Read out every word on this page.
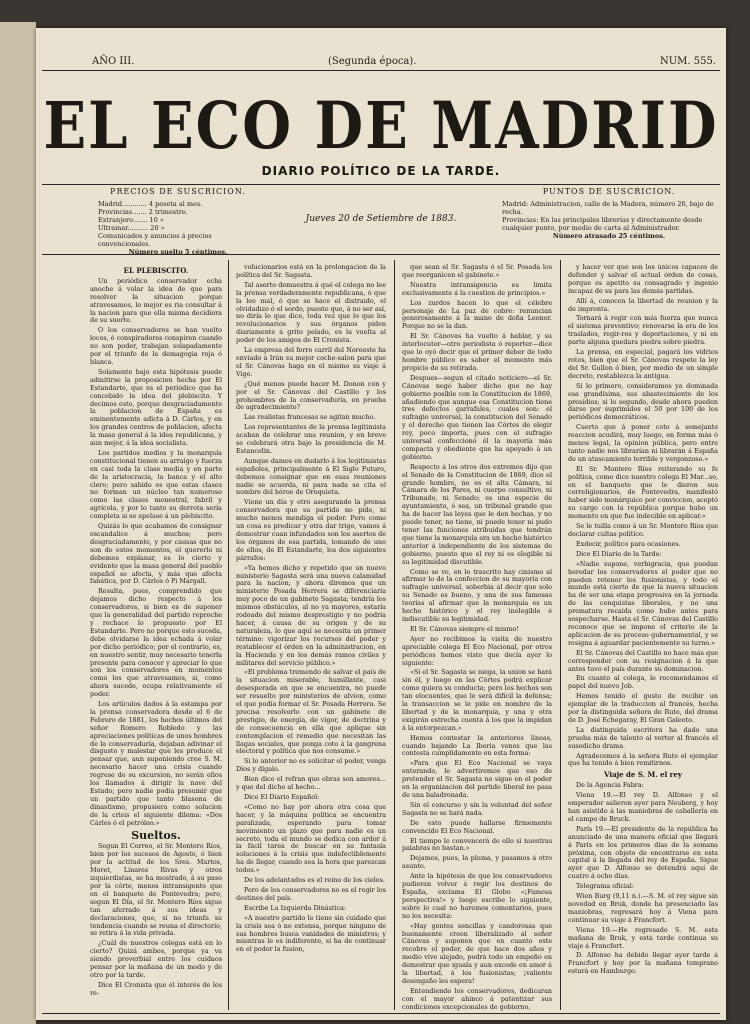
AÑO III.	(Segunda época).	NUM. 555.
EL ECO DE MADRID
DIARIO POLÍTICO DE LA TARDE.
PRECIOS DE SUSCRICION.
Madrid............ 4 peseta al mes.
Provincias....... 2 trimestre.
Extranjero....... 10 »
Ultramar.......... 20 »
Comunicados y anuncios á precios convencionales.
Número suelto 5 céntimos.
Jueves 20 de Setiembre de 1883.
PUNTOS DE SUSCRICION.
Madrid: Administracion, calle de la Madera, número 26, bajo de recha.
Provincias: En las principales librerías y directamente desde cualquier punto, por medio de carta al Administrador.
Número atrasado 25 céntimos.

EL PLEBISCITO.

Un periódico conservador echa anoche á volar la idea de que para resolver la situacion porque atravesamos, lo mejor es ria consultar á la nacion para que ella misma decidiera de su suerte.

O los conservadores se han vuelto locos, ó conspiradores conspiren cuando no son poder, trabajan solapadamente por el triunfo de la demagogia roja ó blanca.

Solamente bajo esta hipótesis puede admitirse la proposicion hecha por El Estandarte, que es el periódico que ha concebido la idea del plebiscito. Y decimos esto, porque desgraciadamente la poblacion de España es eminentemente adicta á D. Cárlos, y en los grandes centros de poblacion, afecta la masa general á la idea republicana, y aun mejor, á la idea socialista.

Los partidos medios y la monarquía constitucional tienen su arraigo y fuerza en casi toda la clase media y en parte de la aristocracia, la banca y el alto clero; pero sabido es que estas clases no forman un núcleo tan numeroso como las clases menestral, fabril y agrícola, y por lo tanto su derrota sería completa si se apelase á un plebiscito.

Quizás lo que acabamos de consignar escandalice á muchos; pero desgraciadamente, y por causas que no son de estos momentos, el quererlo ni debemos explanar, es lo cierto y evidente que la masa general del pueblo español se afecta, y más que afecta fanática, por D. Cárlos ó Pi Margall.

Resulta, pues, comprendido que dejamos dicho respecto á los conservadores, si bien es de suponer que la generalidad del partido reproche y rechace lo propuesto por El Estandarte. Pero no porque esto suceda, debe olvidarse la idea echada á volar por dicho periódico; por el contrario, es, en nuestro sentir, muy necesario tenerla presente para conocer y apreciar lo que son los conservadores en momentos como los que atravesamos, si, como ahora sucede, ocupa relativamente el poder.

Los artículos dados á la estampa por la prensa conservadora desde el 6 de Febrero de 1881, los hechos últimos del señor Romero Robledo y las apreciaciones políticas de unos hombres de la conservaduría, dejaban adivinar el disgusto y malestar que les produce el pensar que, aun suponiendo cree S. M. necesario hacer una crisis cuando regrese de su excursion, no serán ellos los llamados á dirigir la nave del Estado; pero nadie podía presumir que un partido que tanto blasona de dinastismo, propusiera como solucion de la crisis el siguiente dilema: «Dos Cárlos ó el petróleo.»

Sueltos.

Segun El Correo, el Sr. Montero Ríos, bien por los sucesos de Agosto, ó bien por la actitud de los Sres. Martos, Moret, Linares Rivas y otros izquierdistas, se ha mostrado, á su paso por la córte, menos intransigente que en el banquete de Pontevedra; pero, segun El Día, el Sr. Montero Ríos sigue tan aferrado á sus ideas y declaraciones, que, si no triunfa su tendencia cuando se reuna el directorio, se retira á la vida privada.

¿Cuál de nuestros colegas está en lo cierto? Quizá ambos, porque ya va siendo proverbial entre los cuidaos pensar por la mañana de un modo y de otro por la tarde.

Dice El Cronista que el interés de los re-

volucionarios está en la prolongacion de la política del Sr. Sagasta.

Tal aserto demuestra á qué el colega no lee la prensa verdaderamente republicana, ó que la lee mal, ó que se hace el distraido, el olvidadizo ó el sordo, puesto que, á no ser así, no diría lo que dice, toda vez que lo que los revolucionarios y sus órganos piden diariamente á grito pelado, es la vuelta al poder de los amigos de El Cronista.

La empresa del ferro carril del Noroeste ha enviado á Irún su mejor coche-salon para que el Sr. Cánovas haga en el mismo su viaje á Vigo.

¿Qué menos puede hacer M. Donon con y por el Sr. Cánovas del Castillo y los prohombres de la conservaduría, en prueba de agradecimiento?

Las realistas francesas se agitan mucho.

Los representantes de la prensa legitimista acaban de celebrar una reunion, y en breve se celebrará otra bajo la presidencia de M. Estancelin.

Aunque damos en dudarlo á los legitimistas españoles, principalmente á El Siglo Futuro, debemos consignar que en esas reuniones nadie se acuerda, ni para nada se cita el nombre del héroe de Oroquieta.

Viene un día y otro asegurando la prensa conservadora que su partido no pide, ni mucho menos mendiga el poder. Pero como un cosa es predicar y otra dar trigo, vamos á demostrar cuan infundados son los asertos de los órganos de esa partida, tomando de uno de ellos, de El Estandarte, los dos siguientes párrafos:

«Ya hemos dicho y repetido que un nuevo ministerio Sagasta será una nueva calamidad para la nacion; y ahora diremos que un ministerio Posada Herrera se diferenciaría muy poco de un gabinete Sagasta; tendría los mismos obstáculos, al no ya mayores, estaría rodeado del mismo desprestigio y no podría hacer, á causa de su origen y de su naturaleza, lo que aquí se necesita un primer término: vigorizar los recursos del poder y restablecer el órden en la administracion, en la Hacienda y en los demás ramos civiles y militares del servicio público.»

«El problema tremendo de salvar el país de la situacion miserable, humillante, casi desesperada en que se encuentra, no puede ser resuelto por ministerios de alvion, como el que podía formar el Sr. Posada Herrera. Se precisa resolverlo con un gabinete de prestigio, de energía, de vigor, de doctrina y de consecuencia en ella que aplique sin contemplacion el remedio que necesitan las llagas sociales, que ponga coto á la gangrena electoral y política que nos consume.»

Si lo anterior no es solicitar el poder, venga Dios y dígalo.

Bien dice el refran que obras son amores... y que del dicho al hecho...

Dice El Diario Español:

«Como no hay por ahora otra cosa que hacer, y la máquina política se encuentra paralizada, esperando para tomar movimiento un plazo que para nadie es un secreto, toda el mundo se dedica con ardor á la fácil tarea de buscar en su fantasía soluciones á la crisis que indefectiblemente ha de llegar, cuando sea la hora que parezcan todos.»

De los adelantados es el reino de los cielos.

Pero de los conservadores no es el regir los destinos del país.

Escribe La Izquierda Dinástica:

«A nuestro partido le tiene sin cuidado que la crisis sea ó no extensa, porque ninguno de sus hombres busca vanidades de ministros; y mientras le es indiferente, si ha de continuar en el poder la fusion,

que sean el Sr. Sagasta ó el Sr. Posada los que reorganicen el gabinete.»

Nuestra intransigencia es limita exclusivamente á la cuestion de principios.»

Los zurdos hacen lo que el célebre personaje de La paz de cobre: renuncian generosamente á la mano de doña Leonor. Porque no se la dan.

El Sr. Cánovas ha vuelto á hablar, y su interlocutor—otro periodista ó reporter—dice que lo oyó decir que el primer deber de todo hombre público es saber el momento más propicio de su retirada.

Despues—segun el citado noticiero—el Sr. Cánovas negó haber dicho que no hay gobierno posible con la Constitucion de 1869, añadiendo que aunque esa Constitucion tiene tres defectos garrafales, cuales son: el sufragio universal, la constitucion del Senado y el derecho que tienen las Córtes de elegir rey, poco importa, pues con el sufragio universal confeccionó él la mayoría más compacta y obediente que ha apoyado á un gobierno.

Respecto á los otros dos extremos dijo que el Senado de la Constitucion de 1869, dice el grande hombre, no es el alta Cámara, ni Cámara de los Pares, ni cuerpo consultivo, ni Tribunado, ni Senado; es una especie de ayuntamiento, ó sea, un tribunal grande que ha de hacer las leyes que le den hechas, y no puede tener, no tiene, ni puede tener ni pudo tener las funciones atribuidas que tendrán que tiene la monarquía era un hecho histórico anterior á independiente de los sistemas de gobierno, puesto que el rey ni es elegible ni su legitimidad discutible.

Como se ve, en lo trascrito hay cinismo al afirmar lo de la confeccion de su mayoría con sufragio universal, soberbia al decir que solo su Senado es bueno, y una de sus famosas teorías al afirmar que la monarquía es un hecho histórico y el rey inelegible é indiscutible su legitimidad.

El Sr. Cánovas siempre el mismo!

Ayer no recibimos la visita de nuestro apreciable colega El Eco Nacional, por otros periódicos hemos visto que decía ayer lo siguiente:

«Si el Sr. Sagasta se niega, la union se hará sin él, y luego en las Córtes podrá explicar como quiera su conducta; pero los hechos son tan elocuentes, que le será difícil la defensa; la transaccion se le pide en nombre de la libertad y de la monarquía, y una y otra exigirán estrecha cuenta á los que la impidan á la entorpezcan.»

Hemos contestar la anteriores líneas, cuando bajando La Iberia venos que las contesta cumplidamente en esta forma:

«Para que El Eco Nacional se vaya enterando, le advertiremos que eso de pretender el Sr. Sagasta no sigue en el poder en la organizacion del partido liberal no pasa de una baladronada.

Sin el concurso y sin la voluntad del señor Sagasta no se hará nada.

De esto puede hallarse firmemente convencido El Eco Nacional.

El tiempo le convencerá de ello si nuestras palabras no bastan.»

Dejamos, pues, la pluma, y pasamos á otro asunto.

Ante la hipótesis de que los conservadores pudieran volver á regir los destinos de España, exclama El Globo «¡Famosa perspectiva!» y luego escribe lo siguiente, sobre lo cual no haremos comentarios, pues no los necesita:

«Hay gentes sencillas y candorosas que buenamente creen liberalizado al señor Cánovas y suponen que en cuanto este recobre el poder, de que hace dos años y medio vive alejado, podrá todo un empeño en demostrar que iguala y aun excede en amor á la libertad, á los fusionistas; ¡valiente desengaño les espera!

Entendiendo los conservadores, dedicaran con el mayor ahinco á patentizar sus condiciones excepcionales de gobierno,

y hacer ver que son los únicos capaces de defender y salvar el actual órden de cosas, porque es apetito su consagrado y ingenio incapaz de su para las demás partidas.

Allí á, conocen la libertad de reunion y la de imprenta.

Tornará á regir con más fuerza que nunca el sistema preventivo; renovarse la era de los traslados, regir-ros y deportaciones, y ni en parte alguna quedara piedra sobre piedra.

La prensa, en especial, pagará los vidrios rotos, bien que el Sr. Cánovas respete la ley del Sr. Gullon ó bien, por medio de un simple decreto, restablezca la antigua.

Si lo primero, consideramos ya dominada esa grandísima, sus abastecimiento de los presidios; si lo segundo, desde ahora pueden darse por suprimidos el 50 por 100 de los periódicos democráticos.

Cuerto que á poner coto á semejante reaccion acudirá, muy luego, en forma más ó menos legal, la opinion pública, pero entre tanto nadie nos librarían ni librarán á España de un atascamiento terrible y vergonzoso.»

El Sr. Montero Ríos reiterando su fe política, como dice nuestro colega El Mar...so, en el banquete que le dieron sus correligionarios, de Pontevedra, manifestó haber sido monárquico por conviccion, aceptó su cargo con la república porque hubo un momento en que fue indecible en aplicar.»

Se le tuilla como á un Sr. Montero Ríos que declarar cultas político.

Exdecir, político para ocasiones.

Dice El Diario de la Tarde:

«Nadie supone, verbigracia, que puedan heredar los conservadores el poder que no pueden retener los fusionistas, y todo el mundo está cierto de que la nueva situacion ha de ser una etapa progresiva en la jornada de las conquistas liberales, y no una prematura recaida como hubo antes para sospecharse. Hasta el Sr. Cánovas del Castillo reconoce que se impone el criterio de la aplicacion de su proceso gubernamental, y se resigna á aguardar pacientemente su turno.»

El Sr. Cánovas del Castillo no hace más que corresponder con su resignacion á la que antes tuvo el país durante su dominacion.

En cuanto al colega, le recomendamos el papel del nuevo Job.

Hemos tenido el gusto de recibir un ejemplar de la traduccion al francés, hecha por la distinguida señora de Rute, del drama de D. José Echegaray, El Gran Galeoto.

La distinguida escritora ha dado una prueba más de talento al verter al francés el susodicho drama.

Agradecemos á la señora Rute el ejemplar que ha tenido á bien remitirnos.

Viaje de S. M. el rey

De la Agencia Fabra:

Viena 19.—El rey D. Alfonso y el emperador salieron ayer para Neuberg, y hoy han asistido á las maniobras de caballería en el campo de Bruck.

París 19.—El presidente de la república ha anunciado de una manera oficial que llegará á París en los primeros días de la semana próxima, con objeto de encontrarse en esta capital á la llegada del rey de España. Sigue ayer que D. Alfonso se detendrá aquí de cuatro á ocho días.

Telegrama oficial:

Wien Burg (9,11 n.).—S. M. el rey sigue sin novedad en Bruk, donde ha presenciado las maniobras, regresará hoy á Viena para continuar su viaje á Francfort.

Viena 19.—He regresado S. M. esta mañana de Bruk, y esta tarde continua su viaje á Francfort.

D. Alfonso ha debido llegar ayer tarde á Francfort y hoy por la mañana temprano estará en Hamburgo.
